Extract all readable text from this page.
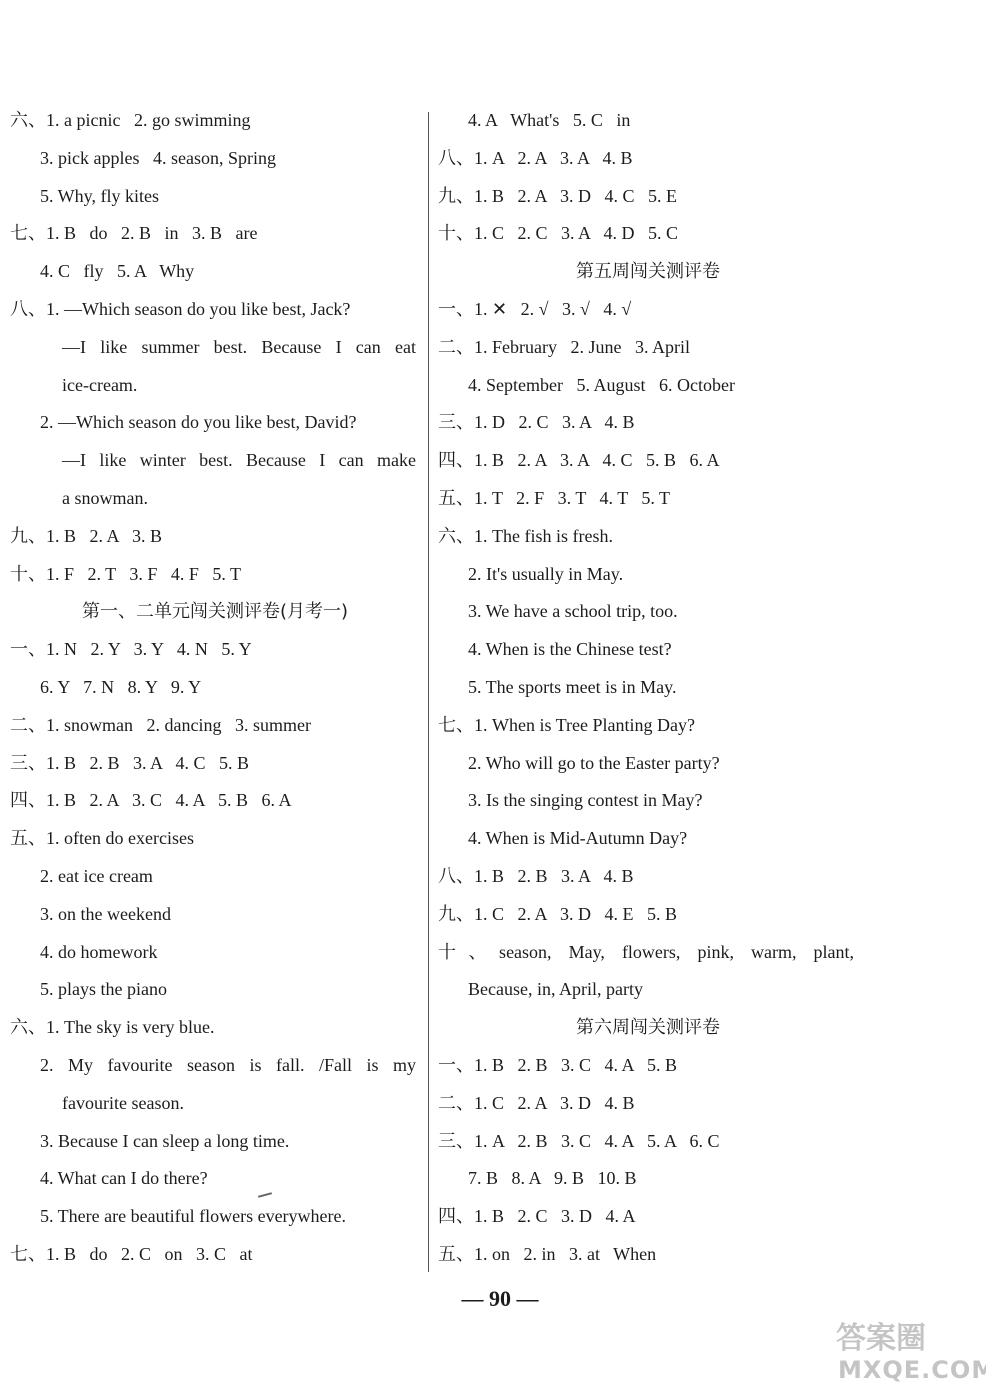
六、1. a picnic   2. go swimming
3. pick apples   4. season, Spring
5. Why, fly kites
七、1. B   do   2. B   in   3. B   are
4. C   fly   5. A   Why
八、1. —Which season do you like best, Jack?
—I like summer best. Because I can eat
ice-cream.
2. —Which season do you like best, David?
—I like winter best. Because I can make
a snowman.
九、1. B   2. A   3. B
十、1. F   2. T   3. F   4. F   5. T
第一、二单元闯关测评卷(月考一)
一、1. N   2. Y   3. Y   4. N   5. Y
6. Y   7. N   8. Y   9. Y
二、1. snowman   2. dancing   3. summer
三、1. B   2. B   3. A   4. C   5. B
四、1. B   2. A   3. C   4. A   5. B   6. A
五、1. often do exercises
2. eat ice cream
3. on the weekend
4. do homework
5. plays the piano
六、1. The sky is very blue.
2. My favourite season is fall. /Fall is my
favourite season.
3. Because I can sleep a long time.
4. What can I do there?
5. There are beautiful flowers everywhere.
七、1. B   do   2. C   on   3. C   at
4. A   What's   5. C   in
八、1. A   2. A   3. A   4. B
九、1. B   2. A   3. D   4. C   5. E
十、1. C   2. C   3. A   4. D   5. C
第五周闯关测评卷
一、1. ✕   2. √   3. √   4. √
二、1. February   2. June   3. April
4. September   5. August   6. October
三、1. D   2. C   3. A   4. B
四、1. B   2. A   3. A   4. C   5. B   6. A
五、1. T   2. F   3. T   4. T   5. T
六、1. The fish is fresh.
2. It's usually in May.
3. We have a school trip, too.
4. When is the Chinese test?
5. The sports meet is in May.
七、1. When is Tree Planting Day?
2. Who will go to the Easter party?
3. Is the singing contest in May?
4. When is Mid-Autumn Day?
八、1. B   2. B   3. A   4. B
九、1. C   2. A   3. D   4. E   5. B
十、season, May, flowers, pink, warm, plant,
Because, in, April, party
第六周闯关测评卷
一、1. B   2. B   3. C   4. A   5. B
二、1. C   2. A   3. D   4. B
三、1. A   2. B   3. C   4. A   5. A   6. C
7. B   8. A   9. B   10. B
四、1. B   2. C   3. D   4. A
五、1. on   2. in   3. at   When
— 90 —
答案圈
MXQE.COM
